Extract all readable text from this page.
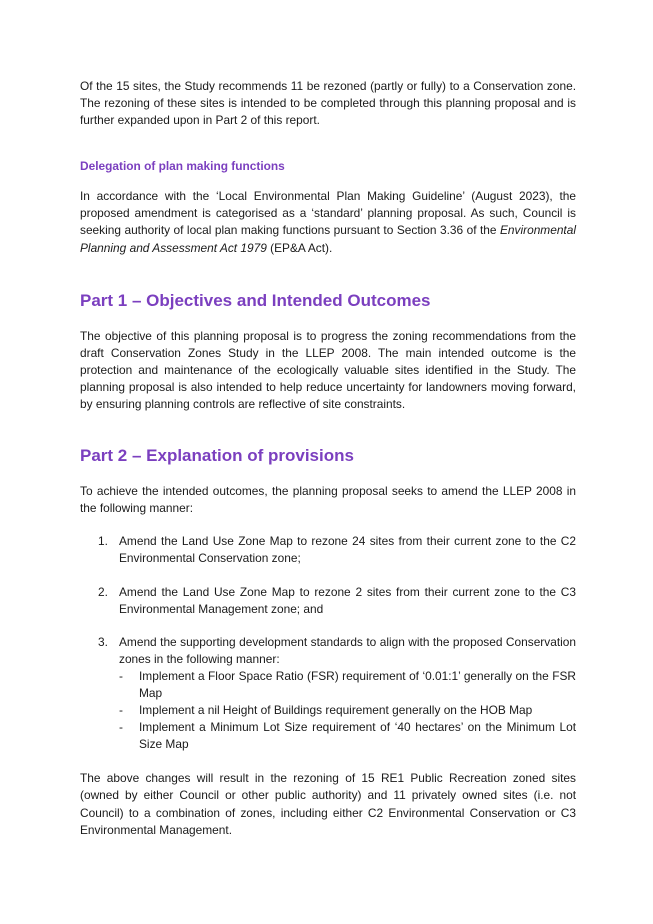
Of the 15 sites, the Study recommends 11 be rezoned (partly or fully) to a Conservation zone. The rezoning of these sites is intended to be completed through this planning proposal and is further expanded upon in Part 2 of this report.

Delegation of plan making functions

In accordance with the ‘Local Environmental Plan Making Guideline’ (August 2023), the proposed amendment is categorised as a ‘standard’ planning proposal. As such, Council is seeking authority of local plan making functions pursuant to Section 3.36 of the Environmental Planning and Assessment Act 1979 (EP&A Act).

Part 1 – Objectives and Intended Outcomes

The objective of this planning proposal is to progress the zoning recommendations from the draft Conservation Zones Study in the LLEP 2008. The main intended outcome is the protection and maintenance of the ecologically valuable sites identified in the Study. The planning proposal is also intended to help reduce uncertainty for landowners moving forward, by ensuring planning controls are reflective of site constraints.

Part 2 – Explanation of provisions

To achieve the intended outcomes, the planning proposal seeks to amend the LLEP 2008 in the following manner:

1. Amend the Land Use Zone Map to rezone 24 sites from their current zone to the C2 Environmental Conservation zone;
2. Amend the Land Use Zone Map to rezone 2 sites from their current zone to the C3 Environmental Management zone; and
3. Amend the supporting development standards to align with the proposed Conservation zones in the following manner:
- Implement a Floor Space Ratio (FSR) requirement of ‘0.01:1’ generally on the FSR Map
- Implement a nil Height of Buildings requirement generally on the HOB Map
- Implement a Minimum Lot Size requirement of ‘40 hectares’ on the Minimum Lot Size Map

The above changes will result in the rezoning of 15 RE1 Public Recreation zoned sites (owned by either Council or other public authority) and 11 privately owned sites (i.e. not Council) to a combination of zones, including either C2 Environmental Conservation or C3 Environmental Management.
